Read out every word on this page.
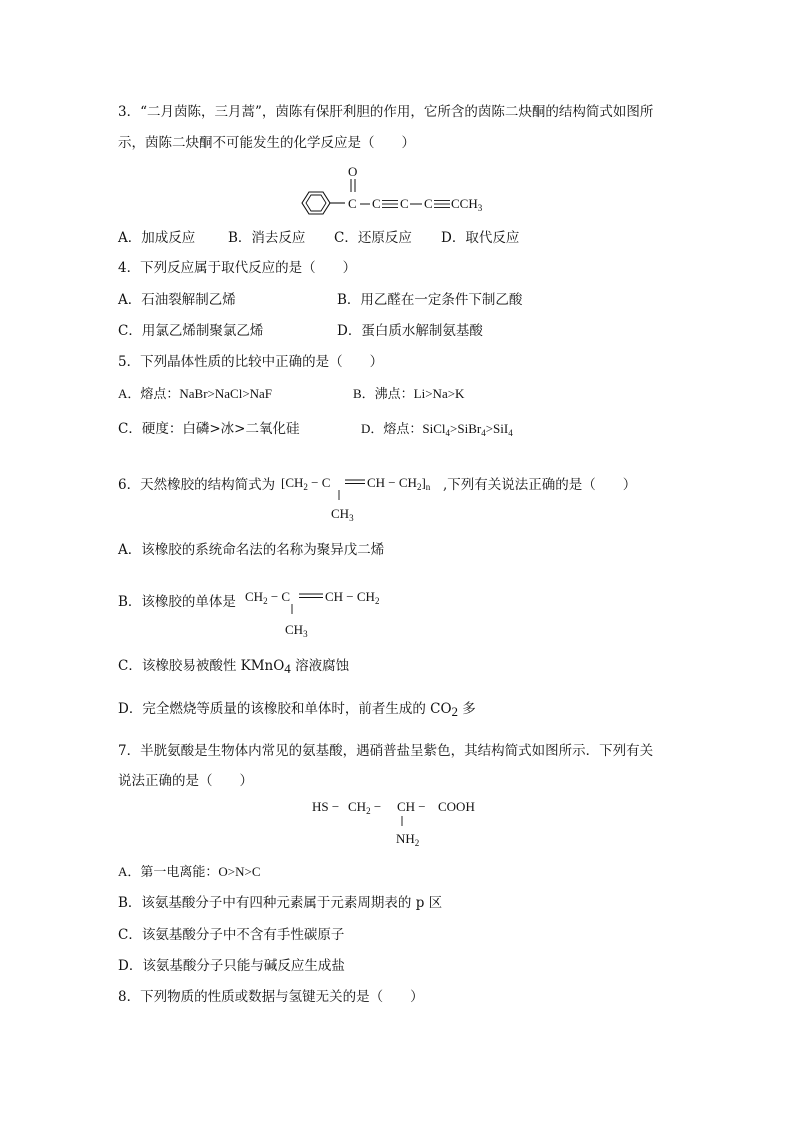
3．“二月茵陈，三月蒿”，茵陈有保肝利胆的作用，它所含的茵陈二炔酮的结构简式如图所
示，茵陈二炔酮不可能发生的化学反应是（　　）
O
C C C C $CCH_3$
A．加成反应 B．消去反应 C．还原反应 D．取代反应
4．下列反应属于取代反应的是（　　）
A．石油裂解制乙烯	B．用乙醛在一定条件下制乙酸
C．用氯乙烯制聚氯乙烯	D．蛋白质水解制氨基酸
5．下列晶体性质的比较中正确的是（　　）
A．熔点：NaBr>NaCl>NaF	B．沸点：Li>Na>K
C．硬度：白磷>冰>二氧化硅	D．熔点：SiCl$_4$>SiBr$_4$>SiI$_4$
6．天然橡胶的结构简式为 [$CH_2 - C$	CH − $CH_2]_n$
$CH_3$
,下列有关说法正确的是（　　）
A．该橡胶的系统命名法的名称为聚异戊二烯
B．该橡胶的单体是 $CH_2 - C$	CH − $CH_2$
$CH_3$
C．该橡胶易被酸性 KMnO$_4$ 溶液腐蚀
D．完全燃烧等质量的该橡胶和单体时，前者生成的 $CO_2$ 多
7．半胱氨酸是生物体内常见的氨基酸，遇硝普盐呈紫色，其结构简式如图所示．下列有关
说法正确的是（　　）
HS − $CH_2$ − CH − COOH
$NH_2$
A．第一电离能：O>N>C
B．该氨基酸分子中有四种元素属于元素周期表的 p 区
C．该氨基酸分子中不含有手性碳原子
D．该氨基酸分子只能与碱反应生成盐
8．下列物质的性质或数据与氢键无关的是（　　）
